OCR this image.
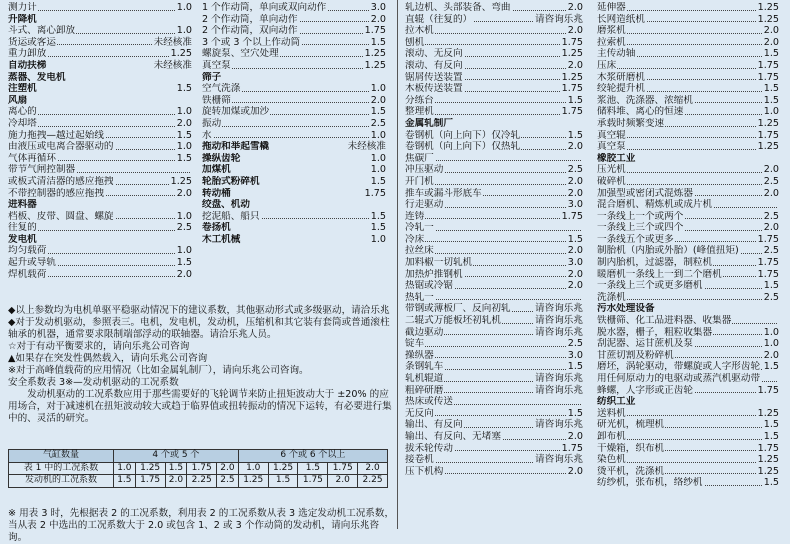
测力计	1.0
升降机
斗式、离心卸放	1.0
货运或客运	未经核准
重力卸放	1.25
自动扶梯	未经核准
蒸器、发电机
注塑机	1.5
风扇
离心的	1.0
冷却塔	2.0
施力拖拽—越过起始线	1.5
由液压或电离合器驱动的	1.0
气体再循环	1.5
带节气闸控制器
或板式清洁器的感应拖拽	1.25
不带控制器的感应拖拽	2.0
进料器
档板、皮带、圆盘、螺旋	1.0
往复的	2.5
发电机
均匀载荷	1.0
起升或导轨	1.5
焊机载荷	2.0
1 个作动筒，单向或双向动作	3.0
2 个作动筒，单向动作	2.0
2 个作动筒，双向动作	1.75
3 个或 3 个以上作动筒	1.5
螺旋泵、空穴处理	1.25
真空泵	1.25
筛子
空气洗涤	1.0
铁栅筛	2.0
旋转加煤或加沙	1.5
振动	2.5
水	1.0
拖动和举起雪橇	未经核准
操纵齿轮	1.0
加煤机	1.0
轮胎式粉碎机	1.5
转动桶	1.75
绞盘、机动
挖泥船、船只	1.5
卷扬机	1.5
木工机械	1.0
轧边机、头部装备、弯曲	2.0
直辊（往复的）	请咨询乐兆
拉木机	2.0
刨机	1.75
滚动、无反向	1.25
滚动、有反向	2.0
锯屑传送装置	1.25
木板传送装置	1.75
分练台	1.5
整理机	1.75
金属轧制厂
卷钢机（向上向下）仅冷轧	1.5
卷钢机（向上向下）仅热轧	2.0
焦碳厂
冲压驱动	2.5
开门机	2.0
推车或漏斗形底车	2.0
行走驱动	3.0
连铸	1.75
冷轧一
冷床	1.5
拉丝床	2.0
加料椒一切轧机	3.0
加热炉推钢机	2.0
热锯或冷锯	2.0
热轧一
带钢或薄板厂、反向初轧	请咨询乐兆
二辊式万能板坯初轧机	请咨询乐兆
截边驱动	请咨询乐兆
锭车	2.5
操纵器	3.0
条钢轧车	1.5
轧机辊道	请咨询乐兆
粗碎研磨	请咨询乐兆
热床或传送
无反向	1.5
输出、有反向	请咨询乐兆
输出、有反向、无堵塞	2.0
拔禾轮传动	1.75
接卷机	请咨询乐兆
压下机构	2.0
延伸器	1.25
长网造纸机	1.25
磨浆机	2.0
拉索机	2.0
主传动轴	1.5
压床	1.75
木浆研磨机	1.75
绞轮提升机	1.5
浆池、洗涤器、浓缩机	1.5
储料堆、离心的恒速	1.0
承载时频繁变速	1.25
真空辊	1.75
真空泵	1.25
橡胶工业
压光机	2.0
破碎机	2.5
加强型或密闭式混炼器	2.0
混合磨机、精炼机或成片机
一条线上一个或两个	2.5
一条线上三个或四个	2.0
一条线五个或更多	1.75
制胎机（内胎或外胎）(峰值扭矩)	2.5
制内胎机，过滤器，制粒机	1.75
暖磨机一条线上一到二个磨机	1.75
一条线上三个或更多磨机	1.5
洗涤机	2.5
污水处理设备
铁栅筛、化工品进料器、收集器
脱水器，栅子，粗粒收集器	1.0
刮泥器、运甘蔗机及泵	1.0
甘蔗切割及粉碎机	2.0
磨坯，涡轮驱动，带螺旋或人字形齿轮 1.5
用任何原动力的电驱动或蒸汽机驱动带
蜂螺，人字形或正齿轮	1.75
纺织工业
送料机	1.25
研光机，梳理机	1.5
卸布机	1.5
干燥箱，织布机	1.75
染色机	1.25
烫平机，洗涤机	1.25
纺纱机，张布机，络纱机	1.5

◆以上参数均为电机单驱平稳驱动情况下的建议系数，其他驱动形式或多级驱动，请洽乐兆

◆对于发动机驱动，参照表三。电机，发电机，发动机，压缩机和其它装有套筒或普通滚柱轴承的机器，通常要求限制端部浮动的联轴器。请洽乐兆人员。

☆对于有动平衡要求的，请向乐兆公司咨询

▲如果存在突发性偶然载入，请向乐兆公司咨询

※对于高峰值载荷的应用情况（比如金属轧制厂），请向乐兆公司咨询。

安全系数表 3※—发动机驱动的工况系数

发动机驱动的工况系数应用于那些需要好的飞轮调节来防止扭矩波动大于 ±20% 的应用场合，对于减速机在扭矩波动较大或趋于临界值或扭转振动的情况下运转，有必要进行集中的、灵活的研究。

气缸数量	4 个或 5 个					6 个或 6 个以上				
表 1 中的工况系数	1.0	1.25	1.5	1.75	2.0	1.0	1.25	1.5	1.75	2.0
发动机的工况系数	1.5	1.75	2.0	2.25	2.5	1.25	1.5	1.75	2.0	2.25

※ 用表 3 时，先根据表 2 的工况系数，利用表 2 的工况系数从表 3 选定发动机工况系数，当从表 2 中选出的工况系数大于 2.0 或包含 1、2 或 3 个作动筒的发动机，请向乐兆咨询。
